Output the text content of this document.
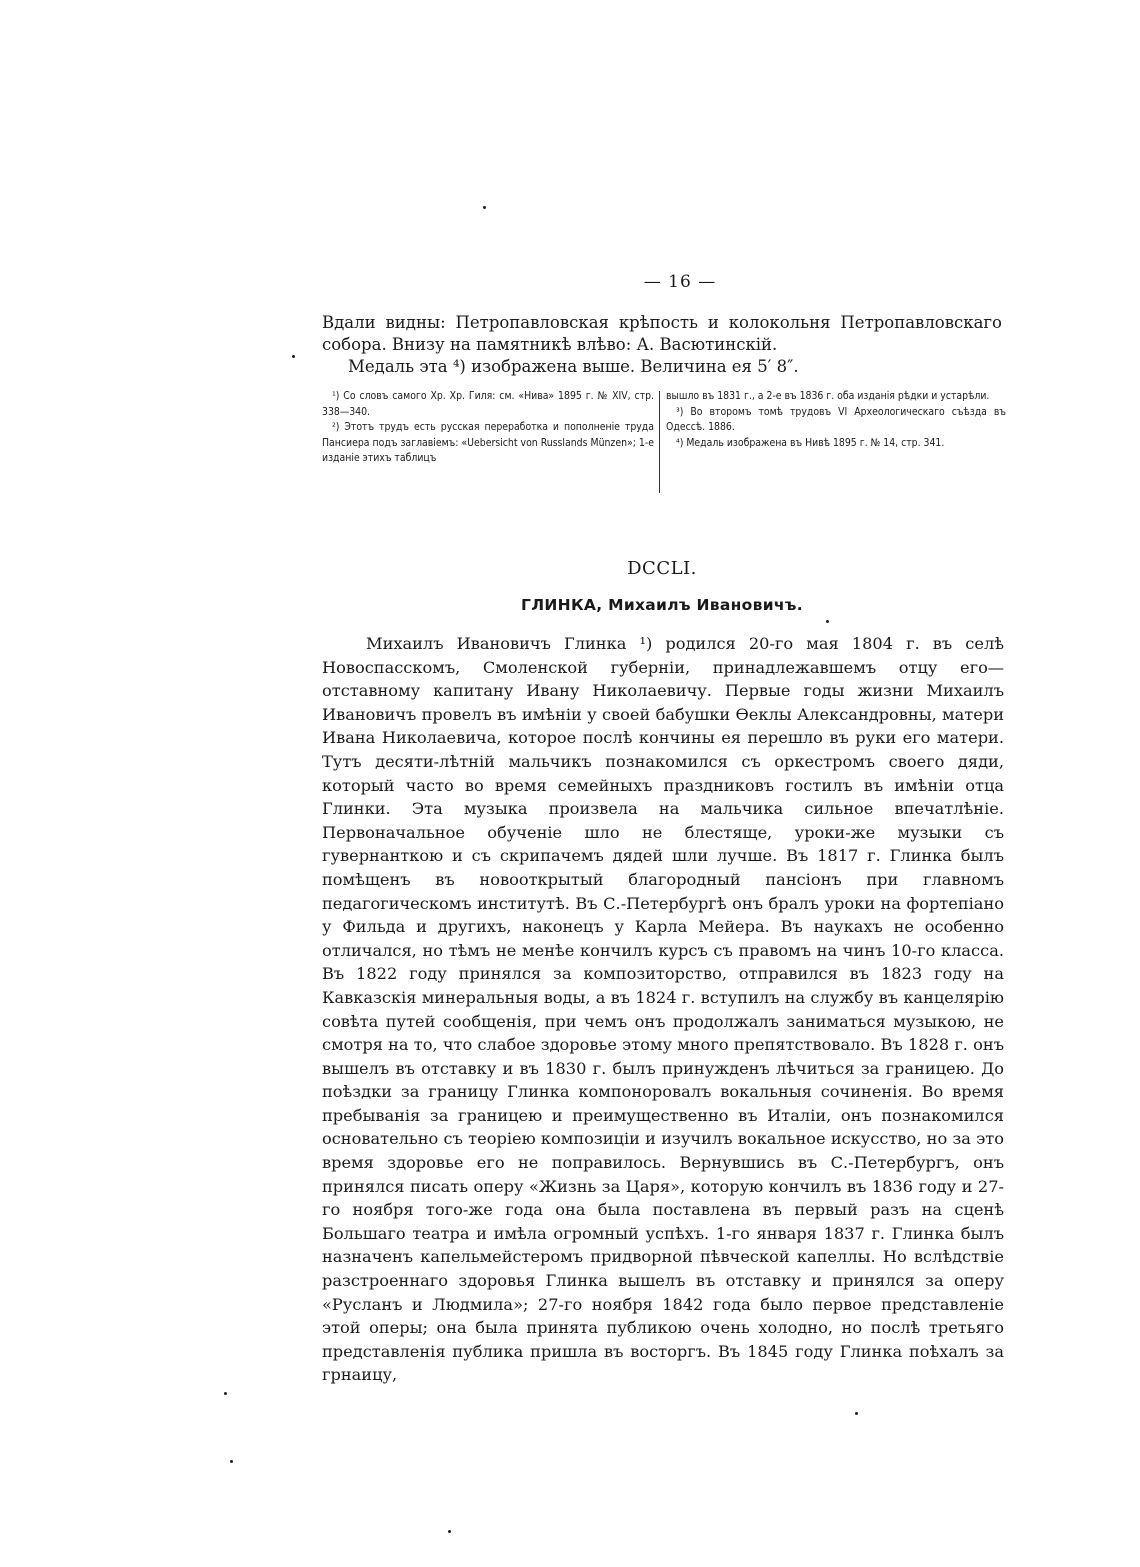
— 16 —

Вдали видны: Петропавловская крѣпость и колокольня Петропавловскаго собора. Внизу на памятникѣ влѣво: А. Васютинскій.

Медаль эта ⁴) изображена выше. Величина ея 5′ 8″.

¹) Со словъ самого Хр. Хр. Гиля: см. «Нива» 1895 г. № XIV, стр. 338—340.

²) Этотъ трудъ есть русская переработка и пополненіе труда Пансиера подъ заглавіемъ: «Uebersicht von Russlands Münzen»; 1-е изданіе этихъ таблицъ

вышло въ 1831 г., а 2-е въ 1836 г. оба изданія рѣдки и устарѣли.

³) Во второмъ томѣ трудовъ VI Археологическаго съѣзда въ Одессѣ. 1886.

⁴) Медаль изображена въ Нивѣ 1895 г. № 14, стр. 341.

DCCLI.
ГЛИНКА, Михаилъ Ивановичъ.

Михаилъ Ивановичъ Глинка ¹) родился 20-го мая 1804 г. въ селѣ Новоспасскомъ, Смоленской губерніи, принадлежавшемъ отцу его—отставному капитану Ивану Николаевичу. Первые годы жизни Михаилъ Ивановичъ провелъ въ имѣніи у своей бабушки Ѳеклы Александровны, матери Ивана Николаевича, которое послѣ кончины ея перешло въ руки его матери. Тутъ десяти-лѣтній мальчикъ познакомился съ оркестромъ своего дяди, который часто во время семейныхъ праздниковъ гостилъ въ имѣніи отца Глинки. Эта музыка произвела на мальчика сильное впечатлѣніе. Первоначальное обученіе шло не блестяще, уроки-же музыки съ гувернанткою и съ скрипачемъ дядей шли лучше. Въ 1817 г. Глинка былъ помѣщенъ въ новооткрытый благородный пансіонъ при главномъ педагогическомъ институтѣ. Въ С.-Петербургѣ онъ бралъ уроки на фортепіано у Фильда и другихъ, наконецъ у Карла Мейера. Въ наукахъ не особенно отличался, но тѣмъ не менѣе кончилъ курсъ съ правомъ на чинъ 10-го класса. Въ 1822 году принялся за композиторство, отправился въ 1823 году на Кавказскія минеральныя воды, а въ 1824 г. вступилъ на службу въ канцелярію совѣта путей сообщенія, при чемъ онъ продолжалъ заниматься музыкою, не смотря на то, что слабое здоровье этому много препятствовало. Въ 1828 г. онъ вышелъ въ отставку и въ 1830 г. былъ принужденъ лѣчиться за границею. До поѣздки за границу Глинка компоноровалъ вокальныя сочиненія. Во время пребыванія за границею и преимущественно въ Италіи, онъ познакомился основательно съ теоріею композиціи и изучилъ вокальное искусство, но за это время здоровье его не поправилось. Вернувшись въ С.-Петербургъ, онъ принялся писать оперу «Жизнь за Царя», которую кончилъ въ 1836 году и 27-го ноября того-же года она была поставлена въ первый разъ на сценѣ Большаго театра и имѣла огромный успѣхъ. 1-го января 1837 г. Глинка былъ назначенъ капельмейстеромъ придворной пѣвческой капеллы. Но вслѣдствіе разстроеннаго здоровья Глинка вышелъ въ отставку и принялся за оперу «Русланъ и Людмила»; 27-го ноября 1842 года было первое представленіе этой оперы; она была принята публикою очень холодно, но послѣ третьяго представленія публика пришла въ восторгъ. Въ 1845 году Глинка поѣхалъ за грнаицу,
